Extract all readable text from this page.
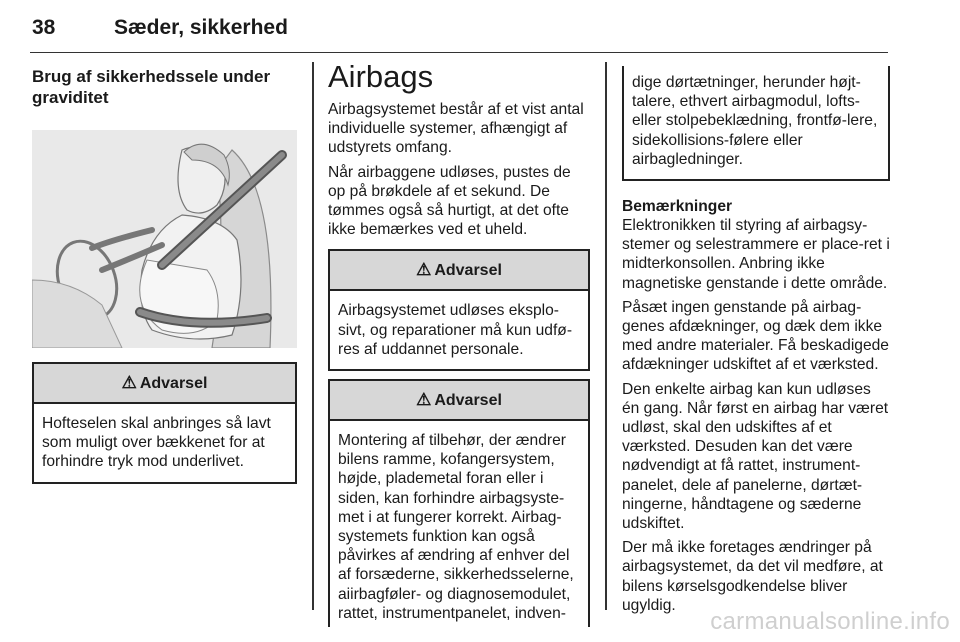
38	Sæder, sikkerhed
Brug af sikkerhedssele under graviditet
⚠ Advarsel
Hofteselen skal anbringes så lavt som muligt over bækkenet for at forhindre tryk mod underlivet.
Airbags

Airbagsystemet består af et vist antal individuelle systemer, afhængigt af udstyrets omfang.

Når airbaggene udløses, pustes de op på brøkdele af et sekund. De tømmes også så hurtigt, at det ofte ikke bemærkes ved et uheld.

⚠ Advarsel
Airbagsystemet udløses eksplo-sivt, og reparationer må kun udfø-res af uddannet personale.
⚠ Advarsel
Montering af tilbehør, der ændrer bilens ramme, kofangersystem, højde, plademetal foran eller i siden, kan forhindre airbagsyste-met i at fungerer korrekt. Airbag-systemets funktion kan også påvirkes af ændring af enhver del af forsæderne, sikkerhedsselerne, aiirbagføler- og diagnosemodulet, rattet, instrumentpanelet, indven-
dige dørtætninger, herunder højt-talere, ethvert airbagmodul, lofts-eller stolpebeklædning, frontfø-lere, sidekollisions-følere eller airbagledninger.
Bemærkninger

Elektronikken til styring af airbagsy-stemer og selestrammere er place-ret i midterkonsollen. Anbring ikke magnetiske genstande i dette område.

Påsæt ingen genstande på airbag-genes afdækninger, og dæk dem ikke med andre materialer. Få beskadigede afdækninger udskiftet af et værksted.

Den enkelte airbag kan kun udløses én gang. Når først en airbag har været udløst, skal den udskiftes af et værksted. Desuden kan det være nødvendigt at få rattet, instrument-panelet, dele af panelerne, dørtæt-ningerne, håndtagene og sæderne udskiftet.

Der må ikke foretages ændringer på airbagsystemet, da det vil medføre, at bilens kørselsgodkendelse bliver ugyldig.

carmanualsonline.info
